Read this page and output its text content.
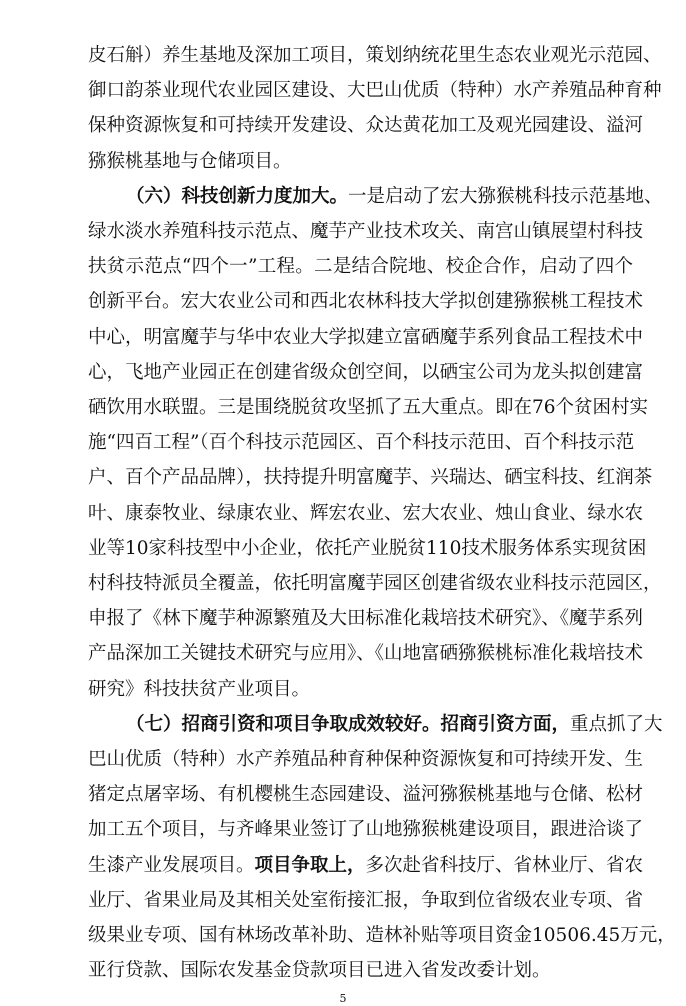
皮石斛）养生基地及深加工项目，策划纳统花里生态农业观光示范园、
御口韵茶业现代农业园区建设、大巴山优质（特种）水产养殖品种育种
保种资源恢复和可持续开发建设、众达黄花加工及观光园建设、溢河
猕猴桃基地与仓储项目。
（六）科技创新力度加大。一是启动了宏大猕猴桃科技示范基地、
绿水淡水养殖科技示范点、魔芋产业技术攻关、南宫山镇展望村科技
扶贫示范点“四个一”工程。二是结合院地、校企合作，启动了四个
创新平台。宏大农业公司和西北农林科技大学拟创建猕猴桃工程技术
中心，明富魔芋与华中农业大学拟建立富硒魔芋系列食品工程技术中
心，飞地产业园正在创建省级众创空间，以硒宝公司为龙头拟创建富
硒饮用水联盟。三是围绕脱贫攻坚抓了五大重点。即在76个贫困村实
施“四百工程”（百个科技示范园区、百个科技示范田、百个科技示范
户、百个产品品牌），扶持提升明富魔芋、兴瑞达、硒宝科技、红润茶
叶、康泰牧业、绿康农业、辉宏农业、宏大农业、烛山食业、绿水农
业等10家科技型中小企业，依托产业脱贫110技术服务体系实现贫困
村科技特派员全覆盖，依托明富魔芋园区创建省级农业科技示范园区，
申报了《林下魔芋种源繁殖及大田标准化栽培技术研究》、《魔芋系列
产品深加工关键技术研究与应用》、《山地富硒猕猴桃标准化栽培技术
研究》科技扶贫产业项目。
（七）招商引资和项目争取成效较好。招商引资方面，重点抓了大
巴山优质（特种）水产养殖品种育种保种资源恢复和可持续开发、生
猪定点屠宰场、有机樱桃生态园建设、溢河猕猴桃基地与仓储、松材
加工五个项目，与齐峰果业签订了山地猕猴桃建设项目，跟进洽谈了
生漆产业发展项目。项目争取上，多次赴省科技厅、省林业厅、省农
业厅、省果业局及其相关处室衔接汇报，争取到位省级农业专项、省
级果业专项、国有林场改革补助、造林补贴等项目资金10506.45万元，
亚行贷款、国际农发基金贷款项目已进入省发改委计划。
5
